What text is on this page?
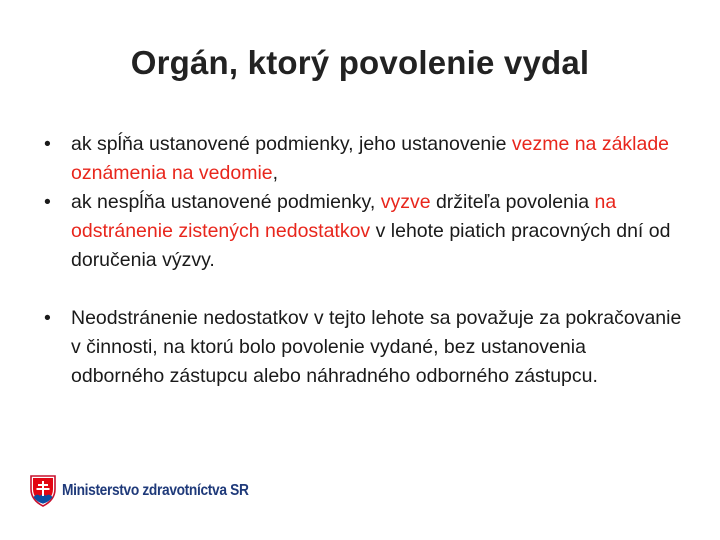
Orgán, ktorý povolenie vydal
• ak spĺňa ustanovené podmienky, jeho ustanovenie vezme na základe oznámenia na vedomie,
• ak nespĺňa ustanovené podmienky, vyzve držiteľa povolenia na odstránenie zistených nedostatkov v lehote piatich pracovných dní od doručenia výzvy.
• Neodstránenie nedostatkov v tejto lehote sa považuje za pokračovanie v činnosti, na ktorú bolo povolenie vydané, bez ustanovenia odborného zástupcu alebo náhradného odborného zástupcu.
Ministerstvo zdravotníctva SR
